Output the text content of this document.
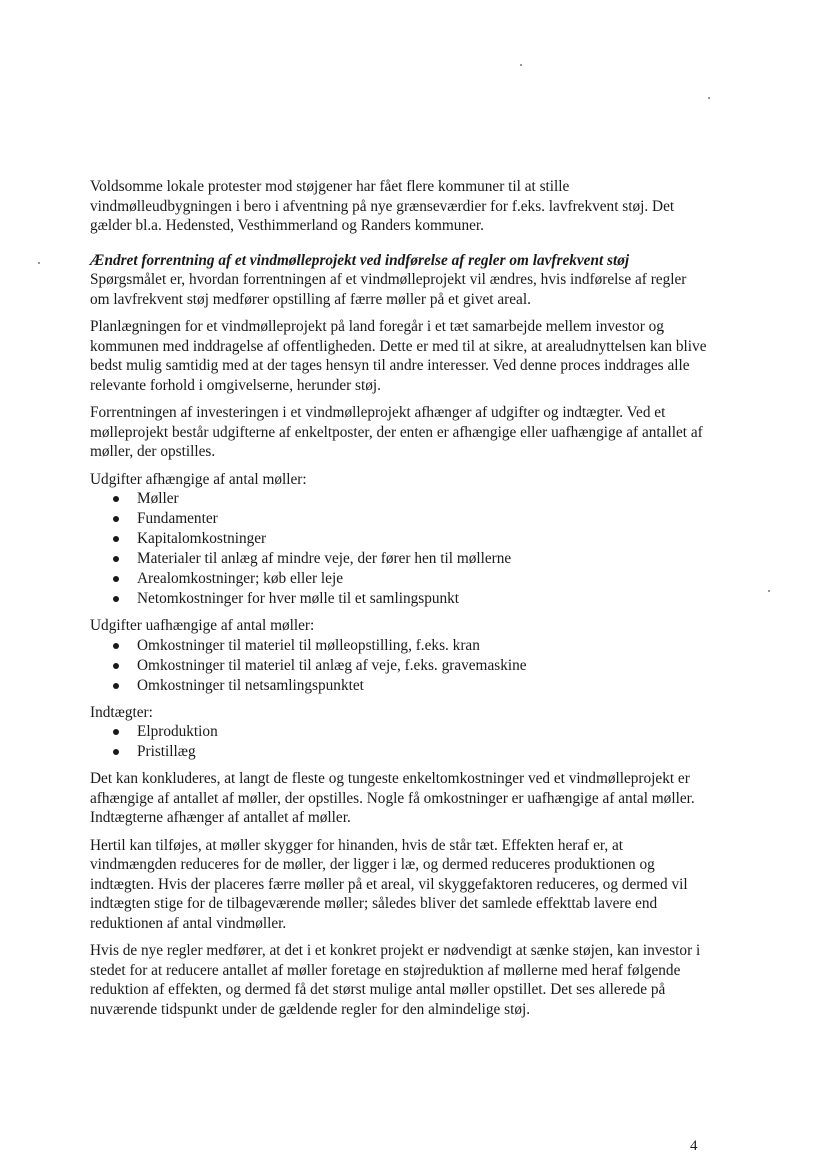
Voldsomme lokale protester mod støjgener har fået flere kommuner til at stille vindmølleudbygningen i bero i afventning på nye grænseværdier for f.eks. lavfrekvent støj. Det gælder bl.a. Hedensted, Vesthimmerland og Randers kommuner.

Ændret forrentning af et vindmølleprojekt ved indførelse af regler om lavfrekvent støj

Spørgsmålet er, hvordan forrentningen af et vindmølleprojekt vil ændres, hvis indførelse af regler om lavfrekvent støj medfører opstilling af færre møller på et givet areal.

Planlægningen for et vindmølleprojekt på land foregår i et tæt samarbejde mellem investor og kommunen med inddragelse af offentligheden. Dette er med til at sikre, at arealudnyttelsen kan blive bedst mulig samtidig med at der tages hensyn til andre interesser. Ved denne proces inddrages alle relevante forhold i omgivelserne, herunder støj.

Forrentningen af investeringen i et vindmølleprojekt afhænger af udgifter og indtægter. Ved et mølleprojekt består udgifterne af enkeltposter, der enten er afhængige eller uafhængige af antallet af møller, der opstilles.

Udgifter afhængige af antal møller:

Møller
Fundamenter
Kapitalomkostninger
Materialer til anlæg af mindre veje, der fører hen til møllerne
Arealomkostninger; køb eller leje
Netomkostninger for hver mølle til et samlingspunkt

Udgifter uafhængige af antal møller:

Omkostninger til materiel til mølleopstilling, f.eks. kran
Omkostninger til materiel til anlæg af veje, f.eks. gravemaskine
Omkostninger til netsamlingspunktet

Indtægter:

Elproduktion
Pristillæg

Det kan konkluderes, at langt de fleste og tungeste enkeltomkostninger ved et vindmølleprojekt er afhængige af antallet af møller, der opstilles. Nogle få omkostninger er uafhængige af antal møller. Indtægterne afhænger af antallet af møller.

Hertil kan tilføjes, at møller skygger for hinanden, hvis de står tæt. Effekten heraf er, at vindmængden reduceres for de møller, der ligger i læ, og dermed reduceres produktionen og indtægten. Hvis der placeres færre møller på et areal, vil skyggefaktoren reduceres, og dermed vil indtægten stige for de tilbageværende møller; således bliver det samlede effekttab lavere end reduktionen af antal vindmøller.

Hvis de nye regler medfører, at det i et konkret projekt er nødvendigt at sænke støjen, kan investor i stedet for at reducere antallet af møller foretage en støjreduktion af møllerne med heraf følgende reduktion af effekten, og dermed få det størst mulige antal møller opstillet. Det ses allerede på nuværende tidspunkt under de gældende regler for den almindelige støj.

4
